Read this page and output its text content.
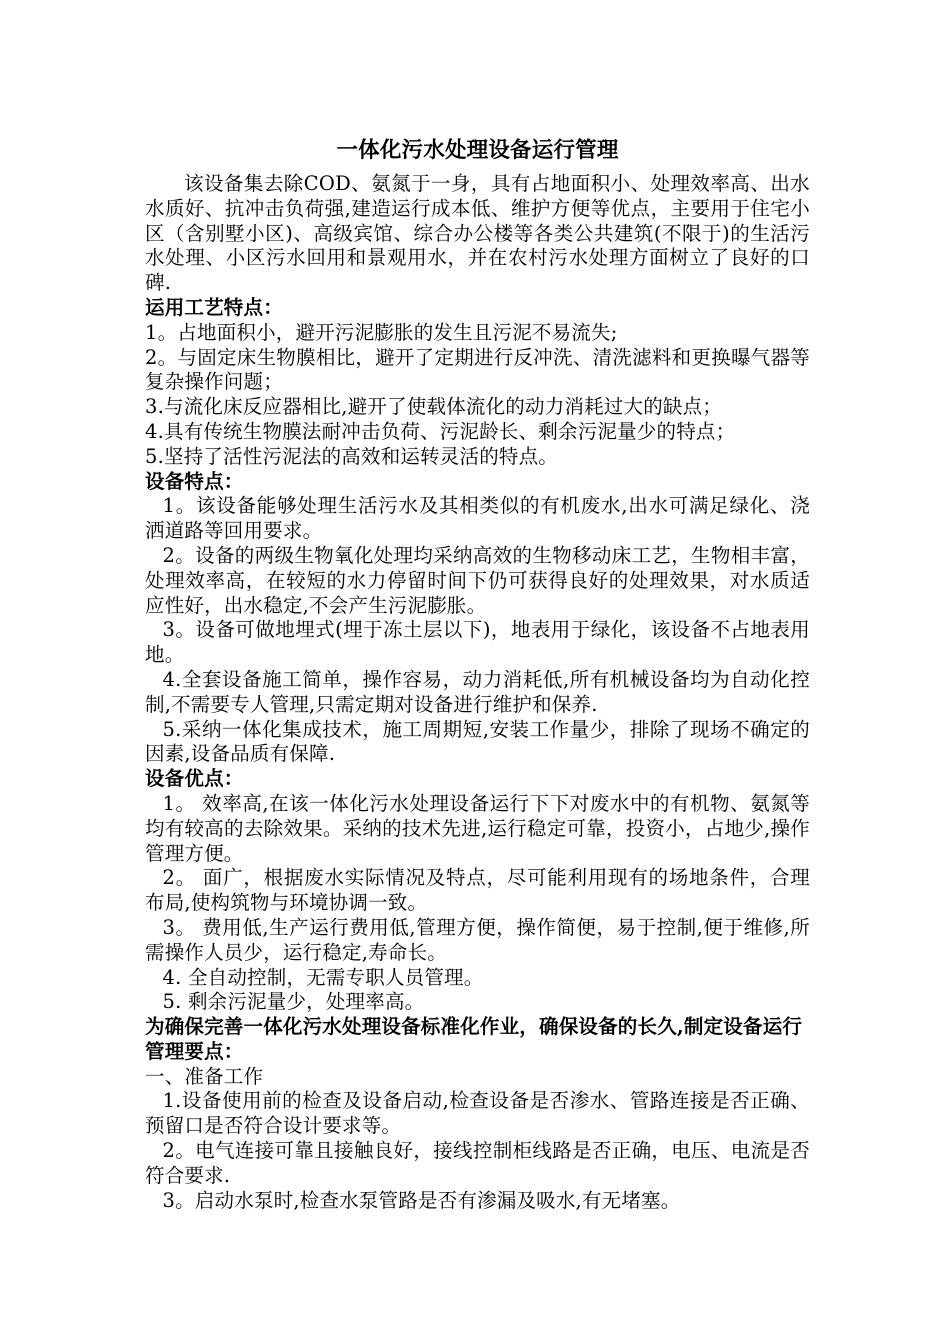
一体化污水处理设备运行管理

该设备集去除COD、氨氮于一身，具有占地面积小、处理效率高、出水水质好、抗冲击负荷强,建造运行成本低、维护方便等优点，主要用于住宅小区（含别墅小区)、高级宾馆、综合办公楼等各类公共建筑(不限于)的生活污水处理、小区污水回用和景观用水，并在农村污水处理方面树立了良好的口碑.

运用工艺特点：

1。占地面积小，避开污泥膨胀的发生且污泥不易流失;

2。与固定床生物膜相比，避开了定期进行反冲洗、清洗滤料和更换曝气器等复杂操作问题；

3.与流化床反应器相比,避开了使载体流化的动力消耗过大的缺点；

4.具有传统生物膜法耐冲击负荷、污泥龄长、剩余污泥量少的特点；

5.坚持了活性污泥法的高效和运转灵活的特点。

设备特点：

1。该设备能够处理生活污水及其相类似的有机废水,出水可满足绿化、浇洒道路等回用要求。

2。设备的两级生物氧化处理均采纳高效的生物移动床工艺，生物相丰富，处理效率高，在较短的水力停留时间下仍可获得良好的处理效果，对水质适应性好，出水稳定,不会产生污泥膨胀。

3。设备可做地埋式(埋于冻土层以下)，地表用于绿化，该设备不占地表用地。

4.全套设备施工简单，操作容易，动力消耗低,所有机械设备均为自动化控制,不需要专人管理,只需定期对设备进行维护和保养.

5.采纳一体化集成技术，施工周期短,安装工作量少，排除了现场不确定的因素,设备品质有保障.

设备优点：

1。 效率高,在该一体化污水处理设备运行下下对废水中的有机物、氨氮等均有较高的去除效果。采纳的技术先进,运行稳定可靠，投资小，占地少,操作管理方便。

2。 面广，根据废水实际情况及特点，尽可能利用现有的场地条件，合理布局,使构筑物与环境协调一致。

3。 费用低,生产运行费用低,管理方便，操作简便，易于控制,便于维修,所需操作人员少，运行稳定,寿命长。

4. 全自动控制，无需专职人员管理。

5. 剩余污泥量少，处理率高。

为确保完善一体化污水处理设备标准化作业，确保设备的长久,制定设备运行管理要点：

一、准备工作

1.设备使用前的检查及设备启动,检查设备是否渗水、管路连接是否正确、预留口是否符合设计要求等。

2。电气连接可靠且接触良好，接线控制柜线路是否正确，电压、电流是否符合要求.

3。启动水泵时,检查水泵管路是否有渗漏及吸水,有无堵塞。
